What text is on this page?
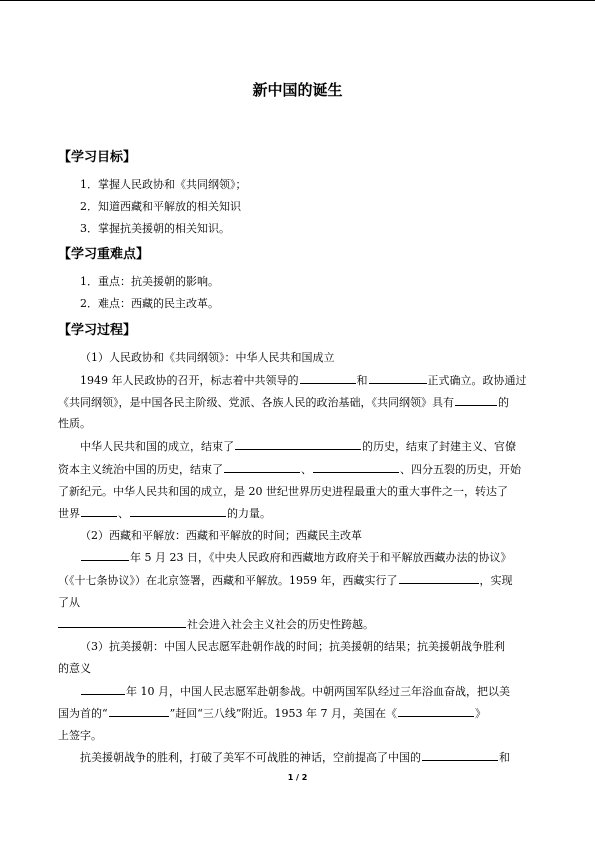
新中国的诞生
【学习目标】
1．掌握人民政协和《共同纲领》；
2．知道西藏和平解放的相关知识
3．掌握抗美援朝的相关知识。
【学习重难点】
1．重点：抗美援朝的影响。
2．难点：西藏的民主改革。
【学习过程】
（1）人民政协和《共同纲领》：中华人民共和国成立
1949 年人民政协的召开，标志着中共领导的	和	正式确立。政协通过
《共同纲领》，是中国各民主阶级、党派、各族人民的政治基础，《共同纲领》具有	的
性质。
中华人民共和国的成立，结束了	的历史，结束了封建主义、官僚
资本主义统治中国的历史，结束了	、	、四分五裂的历史，开始
了新纪元。中华人民共和国的成立，是 20 世纪世界历史进程最重大的重大事件之一，转达了
世界	、	的力量。
（2）西藏和平解放：西藏和平解放的时间；西藏民主改革
年 5 月 23 日，《中央人民政府和西藏地方政府关于和平解放西藏办法的协议》
（《十七条协议》）在北京签署，西藏和平解放。1959 年，西藏实行了	，实现
了从
社会进入社会主义社会的历史性跨越。
（3）抗美援朝：中国人民志愿军赴朝作战的时间；抗美援朝的结果；抗美援朝战争胜利
的意义
年 10 月，中国人民志愿军赴朝参战。中朝两国军队经过三年浴血奋战，把以美
国为首的“	”赶回“三八线”附近。1953 年 7 月，美国在《	》
上签字。
抗美援朝战争的胜利，打破了美军不可战胜的神话，空前提高了中国的	和
1 / 2
